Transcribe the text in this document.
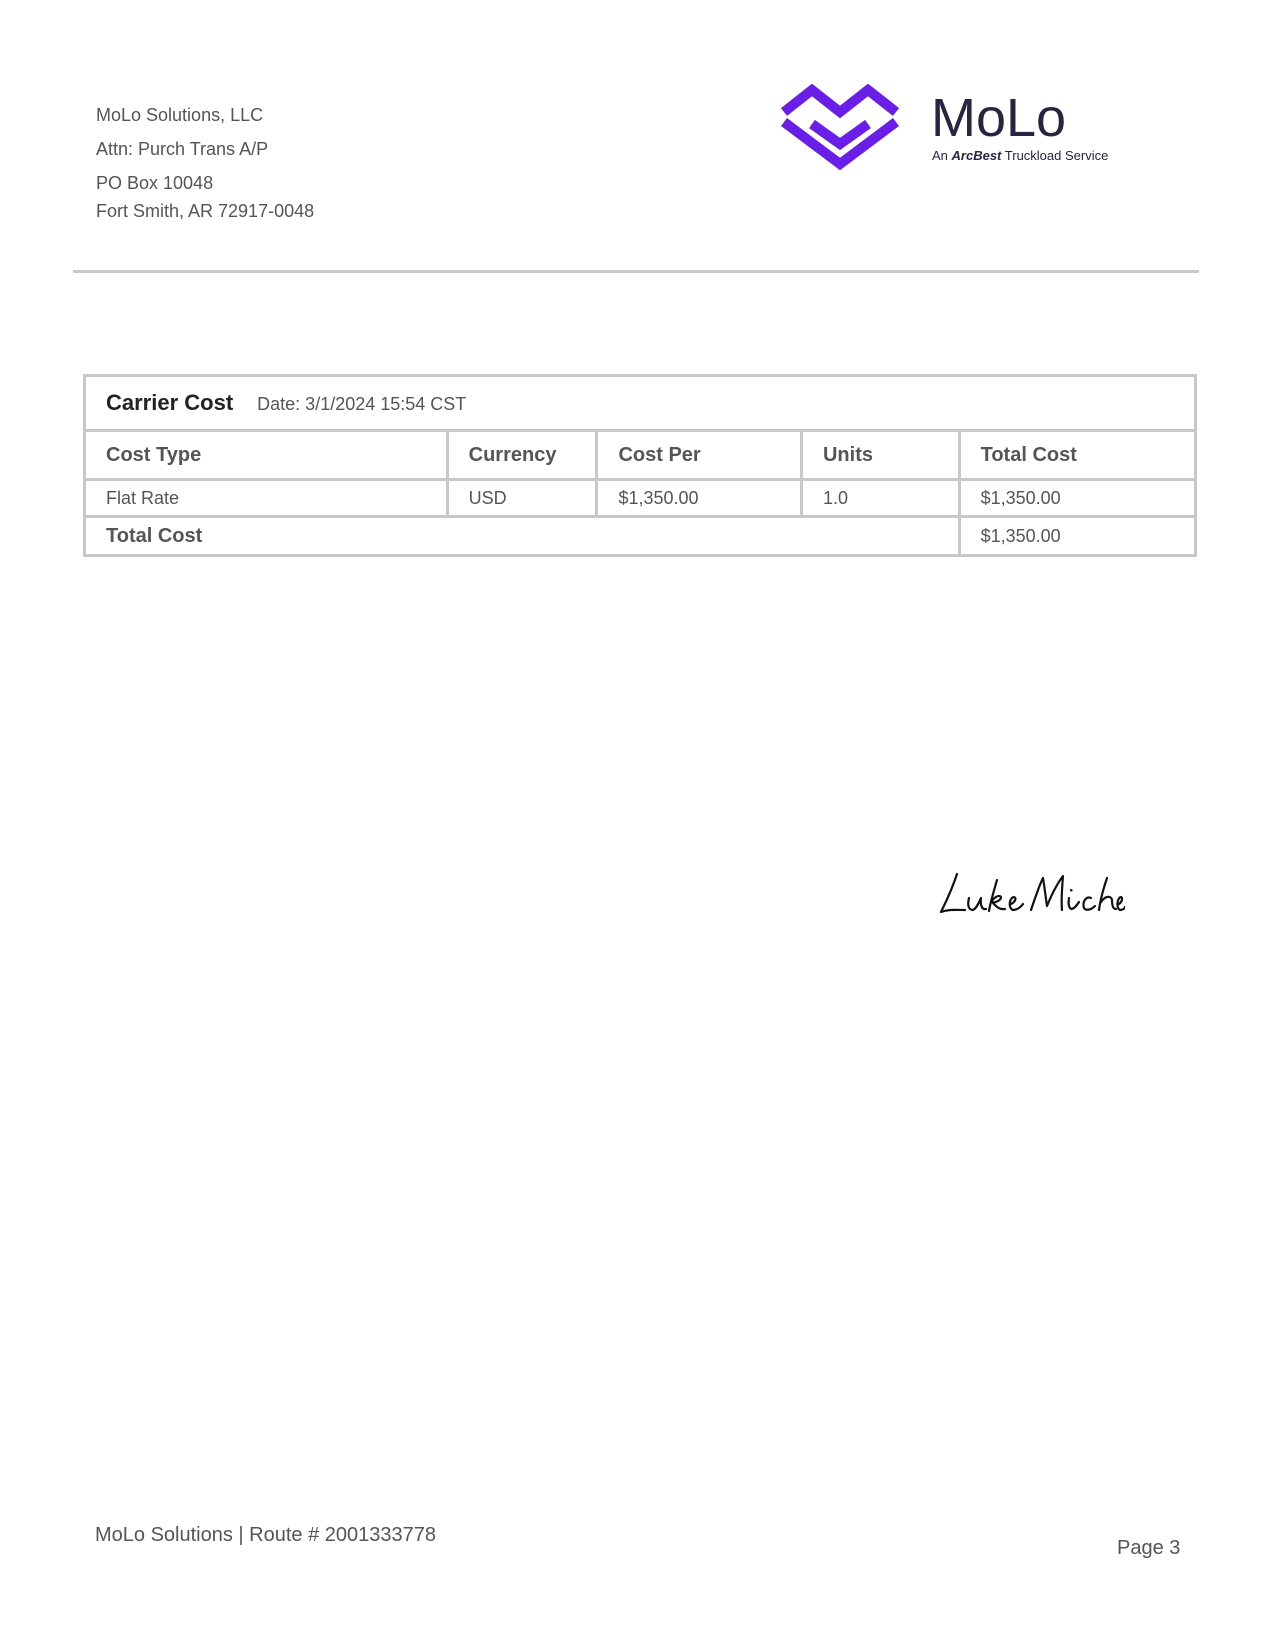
MoLo Solutions, LLC
Attn: Purch Trans A/P
PO Box 10048
Fort Smith, AR 72917-0048
MoLo
An ArcBest Truckload Service
Carrier Cost Date: 3/1/2024 15:54 CST				
Cost Type	Currency	Cost Per	Units	Total Cost
Flat Rate	USD	$1,350.00	1.0	$1,350.00
Total Cost				$1,350.00
MoLo Solutions | Route # 2001333778
Page 3
